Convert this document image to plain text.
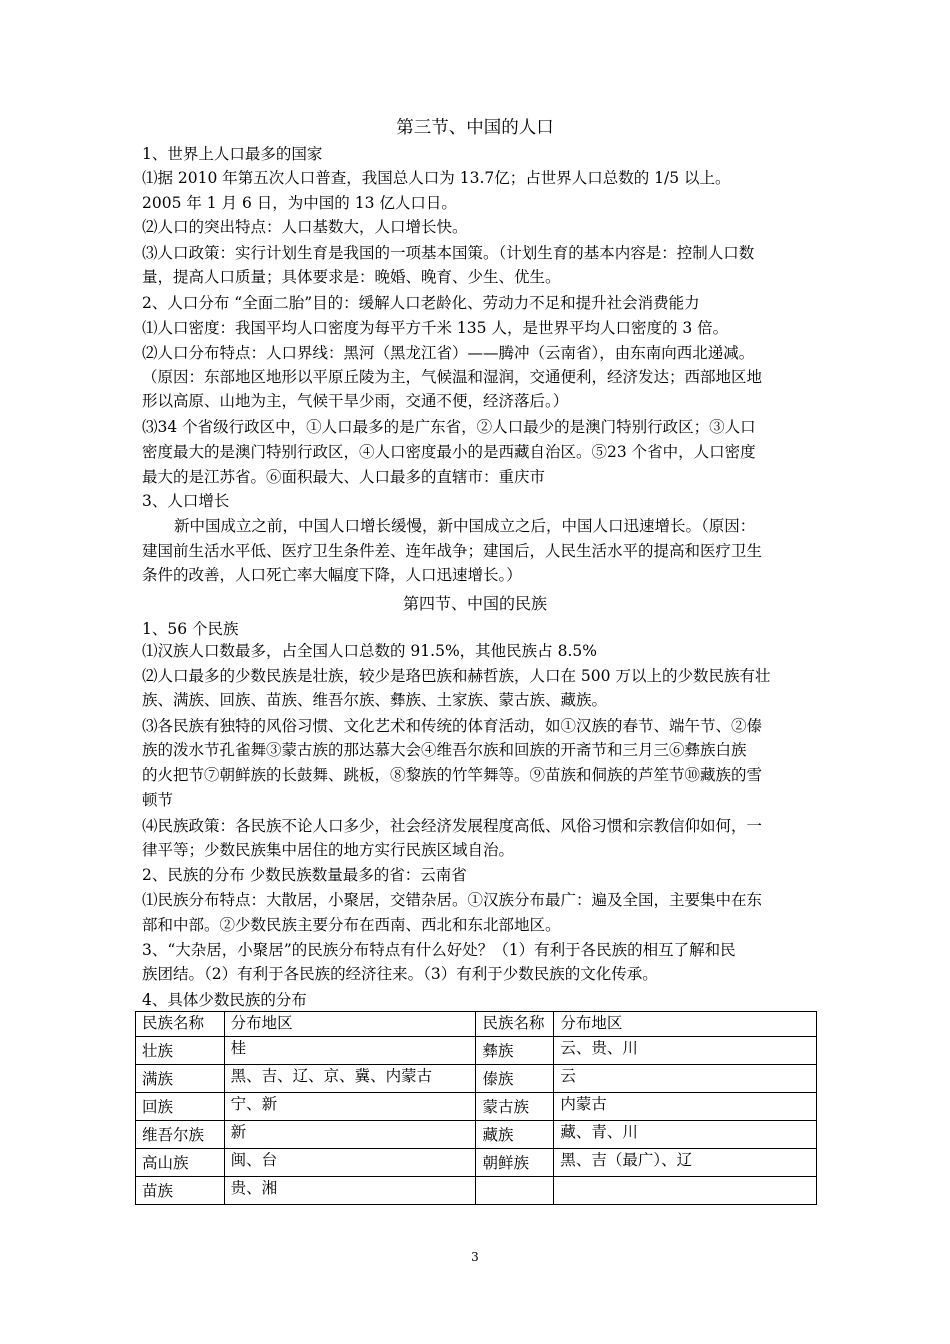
第三节、中国的人口
1、世界上人口最多的国家
⑴据 2010 年第五次人口普查，我国总人口为 13.7亿；占世界人口总数的 1/5 以上。
2005 年 1 月 6 日，为中国的 13 亿人口日。
⑵人口的突出特点：人口基数大，人口增长快。
⑶人口政策：实行计划生育是我国的一项基本国策。（计划生育的基本内容是：控制人口数
量，提高人口质量；具体要求是：晚婚、晚育、少生、优生。
2、人口分布 “全面二胎”目的：缓解人口老龄化、劳动力不足和提升社会消费能力
⑴人口密度：我国平均人口密度为每平方千米 135 人，是世界平均人口密度的 3 倍。
⑵人口分布特点：人口界线：黑河（黑龙江省）——腾冲（云南省），由东南向西北递减。
（原因：东部地区地形以平原丘陵为主，气候温和湿润，交通便利，经济发达；西部地区地
形以高原、山地为主，气候干旱少雨，交通不便，经济落后。）
⑶34 个省级行政区中，①人口最多的是广东省，②人口最少的是澳门特别行政区；③人口
密度最大的是澳门特别行政区，④人口密度最小的是西藏自治区。⑤23 个省中，人口密度
最大的是江苏省。⑥面积最大、人口最多的直辖市：重庆市
3、人口增长
新中国成立之前，中国人口增长缓慢，新中国成立之后，中国人口迅速增长。（原因：
建国前生活水平低、医疗卫生条件差、连年战争；建国后，人民生活水平的提高和医疗卫生
条件的改善，人口死亡率大幅度下降，人口迅速增长。）
第四节、中国的民族
1、56 个民族
⑴汉族人口数最多，占全国人口总数的 91.5%，其他民族占 8.5%
⑵人口最多的少数民族是壮族，较少是珞巴族和赫哲族，人口在 500 万以上的少数民族有壮
族、满族、回族、苗族、维吾尔族、彝族、土家族、蒙古族、藏族。
⑶各民族有独特的风俗习惯、文化艺术和传统的体育活动，如①汉族的春节、端午节、②傣
族的泼水节孔雀舞③蒙古族的那达慕大会④维吾尔族和回族的开斋节和三月三⑥彝族白族
的火把节⑦朝鲜族的长鼓舞、跳板，⑧黎族的竹竿舞等。⑨苗族和侗族的芦笙节⑩藏族的雪
顿节
⑷民族政策：各民族不论人口多少，社会经济发展程度高低、风俗习惯和宗教信仰如何，一
律平等；少数民族集中居住的地方实行民族区域自治。
2、民族的分布 少数民族数量最多的省：云南省
⑴民族分布特点：大散居，小聚居，交错杂居。①汉族分布最广：遍及全国，主要集中在东
部和中部。②少数民族主要分布在西南、西北和东北部地区。
3、“大杂居，小聚居”的民族分布特点有什么好处？（1）有利于各民族的相互了解和民
族团结。（2）有利于各民族的经济往来。（3）有利于少数民族的文化传承。
4、具体少数民族的分布
民族名称	分布地区	民族名称	分布地区
壮族	桂	彝族	云、贵、川
满族	黑、吉、辽、京、冀、内蒙古	傣族	云
回族	宁、新	蒙古族	内蒙古
维吾尔族	新	藏族	藏、青、川
高山族	闽、台	朝鲜族	黑、吉（最广）、辽
苗族	贵、湘		
3
